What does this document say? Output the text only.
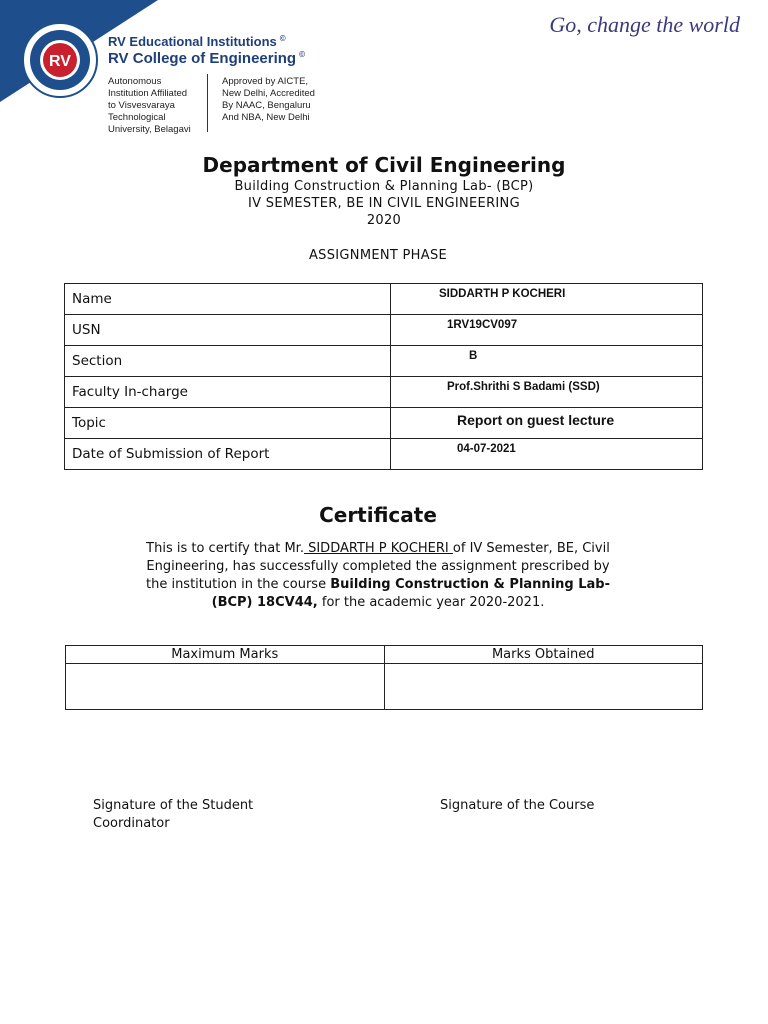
RV
RV Educational Institutions ©
RV College of Engineering ©
Autonomous
Institution Affiliated
to Visvesvaraya
Technological
University, Belagavi
Approved by AICTE,
New Delhi, Accredited
By NAAC, Bengaluru
And NBA, New Delhi
Go, change the world
Department of Civil Engineering
Building Construction & Planning Lab- (BCP)
IV SEMESTER, BE IN CIVIL ENGINEERING
2020
ASSIGNMENT PHASE
Name	SIDDARTH P KOCHERI
USN	1RV19CV097
Section	B
Faculty In-charge	Prof.Shrithi S Badami (SSD)
Topic	Report on guest lecture
Date of Submission of Report	04-07-2021
Certificate
This is to certify that Mr. SIDDARTH P KOCHERI of IV Semester, BE, Civil Engineering, has successfully completed the assignment prescribed by the institution in the course Building Construction & Planning Lab- (BCP) 18CV44, for the academic year 2020-2021.
Maximum Marks	Marks Obtained

Signature of the Student Coordinator
Signature of the Course
